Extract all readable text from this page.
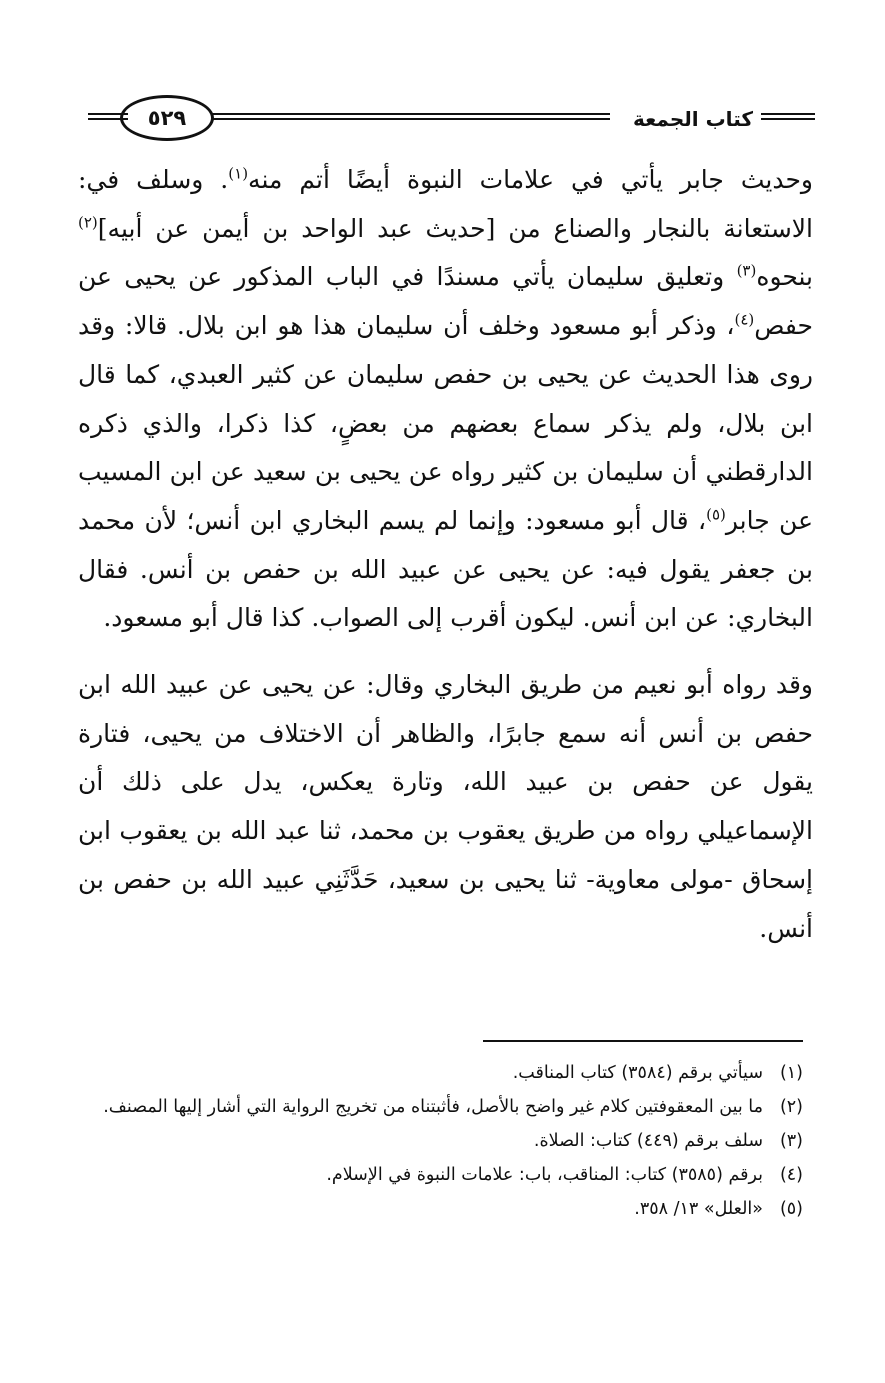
كتاب الجمعة
٥٢٩

وحديث جابر يأتي في علامات النبوة أيضًا أتم منه$^{(١)}$. وسلف في: الاستعانة بالنجار والصناع من [حديث عبد الواحد بن أيمن عن أبيه]$^{(٢)}$ بنحوه$^{(٣)}$ وتعليق سليمان يأتي مسندًا في الباب المذكور عن يحيى عن حفص$^{(٤)}$، وذكر أبو مسعود وخلف أن سليمان هذا هو ابن بلال. قالا: وقد روى هذا الحديث عن يحيى بن حفص سليمان عن كثير العبدي، كما قال ابن بلال، ولم يذكر سماع بعضهم من بعضٍ، كذا ذكرا، والذي ذكره الدارقطني أن سليمان بن كثير رواه عن يحيى بن سعيد عن ابن المسيب عن جابر$^{(٥)}$، قال أبو مسعود: وإنما لم يسم البخاري ابن أنس؛ لأن محمد بن جعفر يقول فيه: عن يحيى عن عبيد الله بن حفص بن أنس. فقال البخاري: عن ابن أنس. ليكون أقرب إلى الصواب. كذا قال أبو مسعود.

وقد رواه أبو نعيم من طريق البخاري وقال: عن يحيى عن عبيد الله ابن حفص بن أنس أنه سمع جابرًا، والظاهر أن الاختلاف من يحيى، فتارة يقول عن حفص بن عبيد الله، وتارة يعكس، يدل على ذلك أن الإسماعيلي رواه من طريق يعقوب بن محمد، ثنا عبد الله بن يعقوب ابن إسحاق -مولى معاوية- ثنا يحيى بن سعيد، حَدَّثَنِي عبيد الله بن حفص بن أنس.

(١)
سيأتي برقم (٣٥٨٤) كتاب المناقب.
(٢)
ما بين المعقوفتين كلام غير واضح بالأصل، فأثبتناه من تخريج الرواية التي أشار إليها المصنف.
(٣)
سلف برقم (٤٤٩) كتاب: الصلاة.
(٤)
برقم (٣٥٨٥) كتاب: المناقب، باب: علامات النبوة في الإسلام.
(٥)
«العلل» ١٣/ ٣٥٨.
